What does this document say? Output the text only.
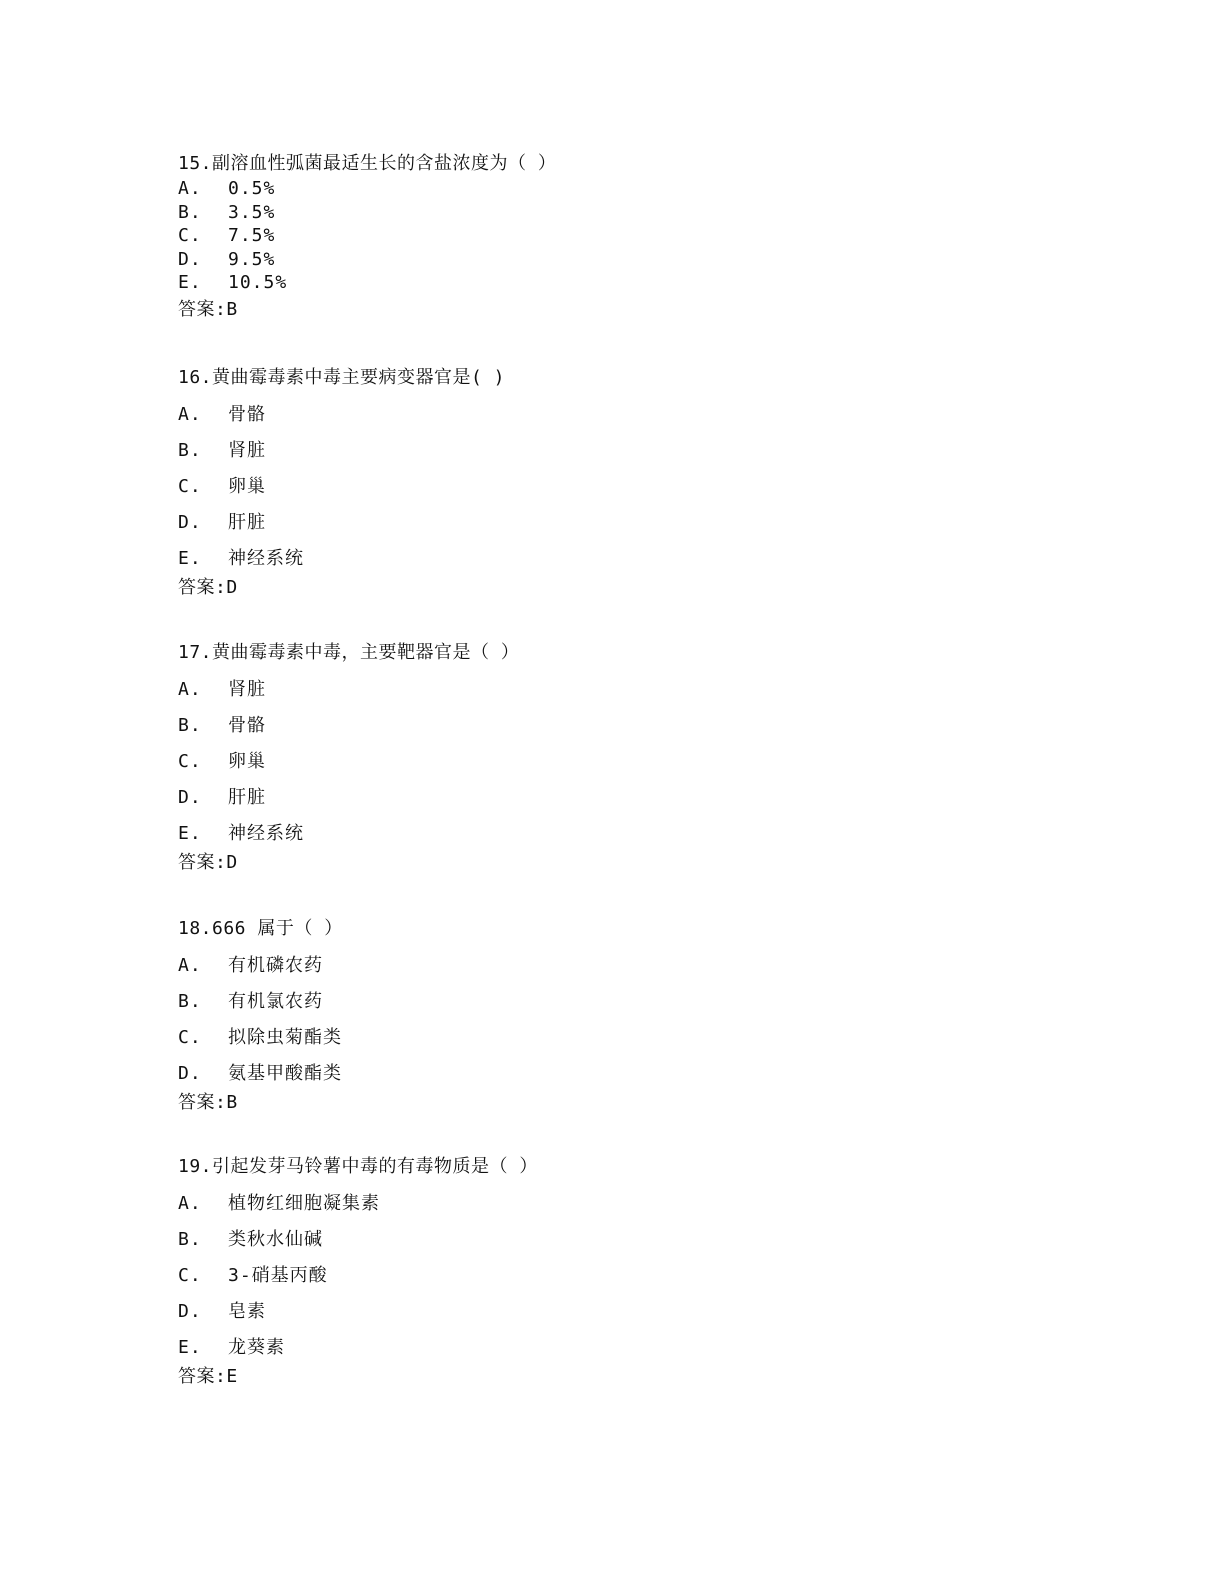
15.副溶血性弧菌最适生长的含盐浓度为（ ）
A.	0.5%
B.	3.5%
C.	7.5%
D.	9.5%
E.	10.5%
答案:B
16.黄曲霉毒素中毒主要病变器官是( )
A.	骨骼
B.	肾脏
C.	卵巢
D.	肝脏
E.	神经系统
答案:D
17.黄曲霉毒素中毒，主要靶器官是（ ）
A.	肾脏
B.	骨骼
C.	卵巢
D.	肝脏
E.	神经系统
答案:D
18.666 属于（ ）
A.	有机磷农药
B.	有机氯农药
C.	拟除虫菊酯类
D.	氨基甲酸酯类
答案:B
19.引起发芽马铃薯中毒的有毒物质是（ ）
A.	植物红细胞凝集素
B.	类秋水仙碱
C.	3-硝基丙酸
D.	皂素
E.	龙葵素
答案:E
